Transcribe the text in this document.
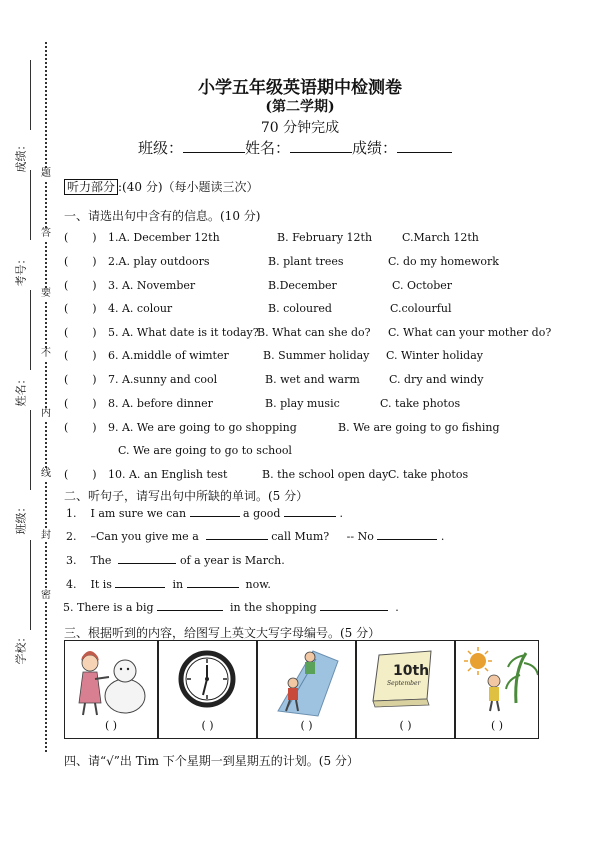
成绩：
考号：
姓名：
班级：
学校：
题
答
要
不
内
线
封
密
小学五年级英语期中检测卷
(第二学期)
70 分钟完成
班级：	姓名：	成绩：
听力部分 :(40 分)（每小题读三次）
一、请选出句中含有的信息。(10 分)
( ) 1.A. December 12th	B. February 12th	C.March 12th
( ) 2.A. play outdoors	B. plant trees	C. do my homework
( ) 3. A. November	B.December	C. October
( ) 4. A. colour	B. coloured	C.colourful
( ) 5. A. What date is it today?
B. What can she do? C. What can your mother do?
( ) 6. A.middle of wimter	B. Summer holiday C. Winter holiday
( ) 7. A.sunny and cool	B. wet and warm	C. dry and windy
( ) 8. A. before dinner	B. play music	C. take photos
( ) 9. A. We are going to go shopping	B. We are going to go fishing
C. We are going to go to school
( ) 10. A. an English test	B. the school open day C. take photos
二、听句子，请写出句中所缺的单词。(5 分）
1. I am sure we can	a good	.
2. –Can you give me a	call Mum? -- No	.
3. The	of a year is March.
4. It is	in	now.
5. There is a big	in the shopping	.
三、根据听到的内容，给图写上英文大写字母编号。(5 分）
( )	( )	( )
10th
September
( )	( )
四、请“√”出 Tim 下个星期一到星期五的计划。(5 分）
